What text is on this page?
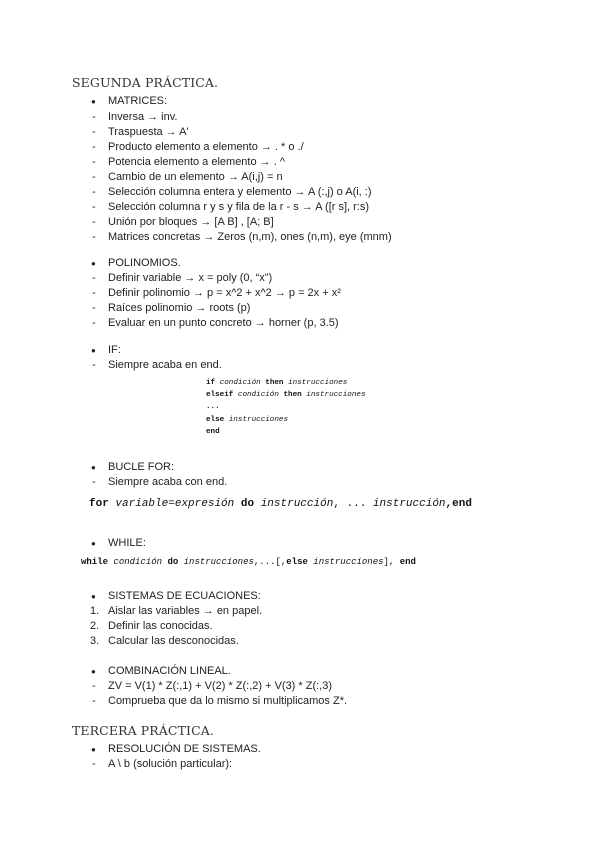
SEGUNDA PRÁCTICA.
● MATRICES:
- Inversa → inv.
- Traspuesta → A'
- Producto elemento a elemento → . * o ./
- Potencia elemento a elemento → . ^
- Cambio de un elemento → A(i,j) = n
- Selección columna entera y elemento → A (:,j) o A(i, :)
- Selección columna r y s y fila de la r - s → A ([r s], r:s)
- Unión por bloques → [A B] , [A; B]
- Matrices concretas → Zeros (n,m), ones (n,m), eye (mnm)
● POLINOMIOS.
- Definir variable → x = poly (0, “x”)
- Definir polinomio → p = x^2 + x^2 → p = 2x + x²
- Raíces polinomio → roots (p)
- Evaluar en un punto concreto → horner (p, 3.5)
● IF:
- Siempre acaba en end.
if condición then instrucciones
elseif condición then instrucciones
...
else instrucciones
end
● BUCLE FOR:
- Siempre acaba con end.
for variable=expresión do instrucción, ... instrucción,end
● WHILE:
while condición do instrucciones,...[,else instrucciones], end
● SISTEMAS DE ECUACIONES:
1. Aislar las variables → en papel.
2. Definir las conocidas.
3. Calcular las desconocidas.
● COMBINACIÓN LINEAL.
- ZV = V(1) * Z(:,1) + V(2) * Z(:,2) + V(3) * Z(:,3)
- Comprueba que da lo mismo si multiplicamos Z*.
TERCERA PRÁCTICA.
● RESOLUCIÓN DE SISTEMAS.
- A \ b (solución particular):
